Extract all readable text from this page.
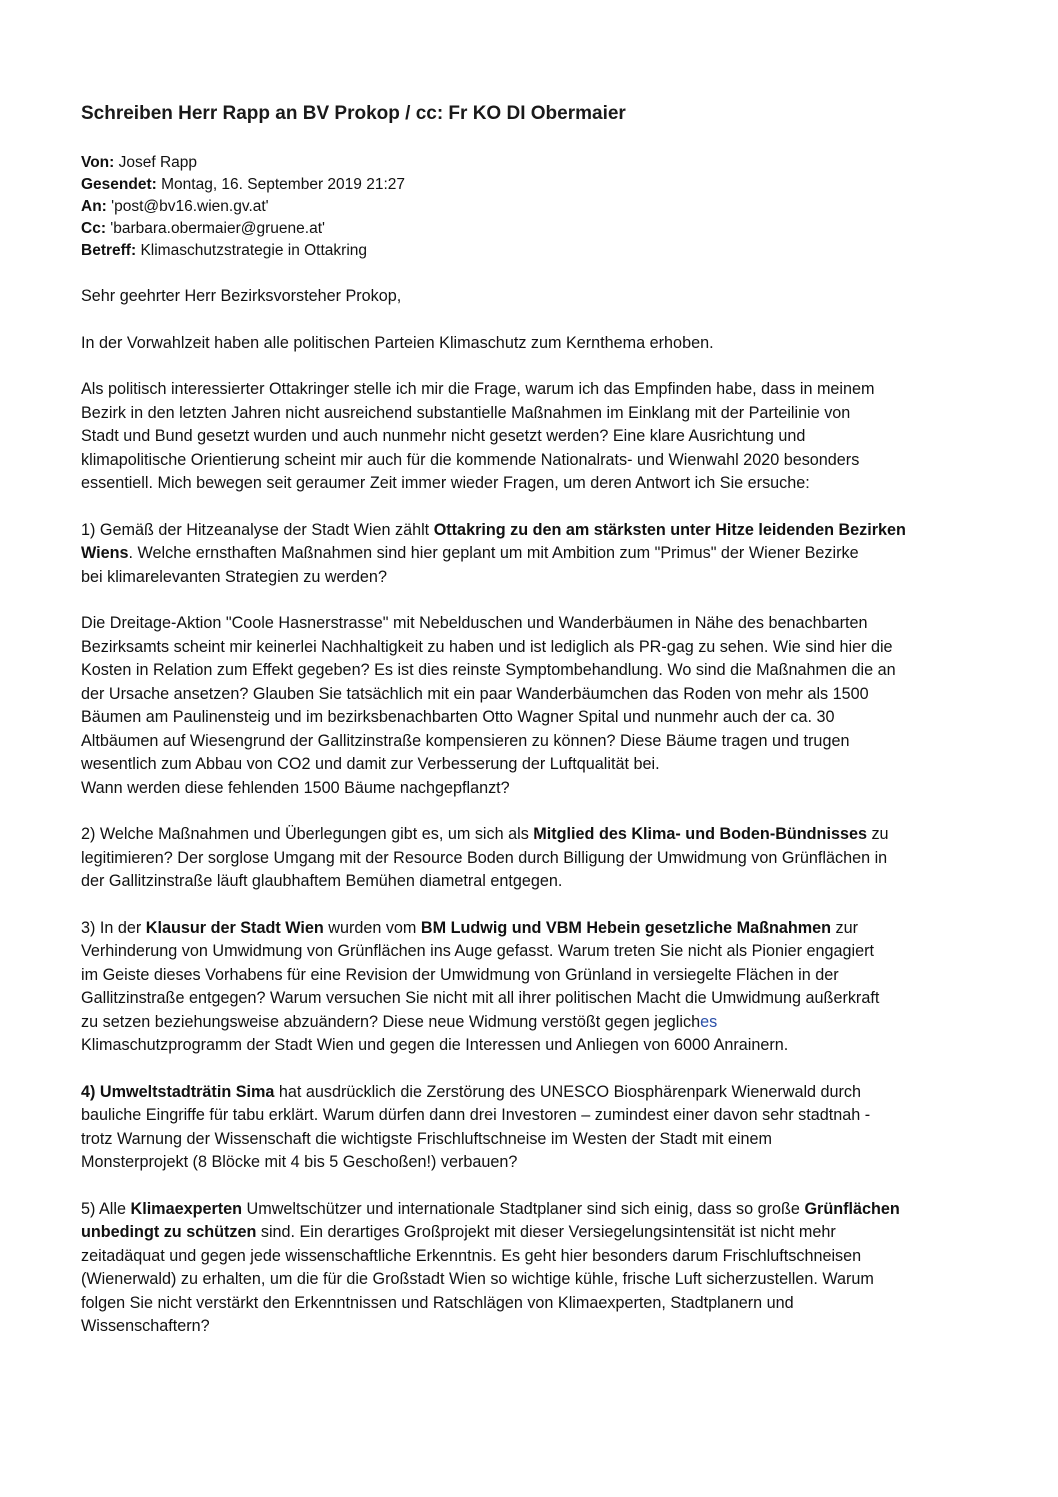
Schreiben Herr Rapp an BV Prokop / cc: Fr KO DI Obermaier
Von: Josef Rapp
Gesendet: Montag, 16. September 2019 21:27
An: 'post@bv16.wien.gv.at'
Cc: 'barbara.obermaier@gruene.at'
Betreff: Klimaschutzstrategie in Ottakring

Sehr geehrter Herr Bezirksvorsteher Prokop,

In der Vorwahlzeit haben alle politischen Parteien Klimaschutz zum Kernthema erhoben.

Als politisch interessierter Ottakringer stelle ich mir die Frage, warum ich das Empfinden habe, dass in meinem

Bezirk in den letzten Jahren nicht ausreichend substantielle Maßnahmen im Einklang mit der Parteilinie von

Stadt und Bund gesetzt wurden und auch nunmehr nicht gesetzt werden? Eine klare Ausrichtung und

klimapolitische Orientierung scheint mir auch für die kommende Nationalrats- und Wienwahl 2020 besonders

essentiell. Mich bewegen seit geraumer Zeit immer wieder Fragen, um deren Antwort ich Sie ersuche:

1) Gemäß der Hitzeanalyse der Stadt Wien zählt Ottakring zu den am stärksten unter Hitze leidenden Bezirken

Wiens. Welche ernsthaften Maßnahmen sind hier geplant um mit Ambition zum "Primus" der Wiener Bezirke

bei klimarelevanten Strategien zu werden?

Die Dreitage-Aktion "Coole Hasnerstrasse" mit Nebelduschen und Wanderbäumen in Nähe des benachbarten

Bezirksamts scheint mir keinerlei Nachhaltigkeit zu haben und ist lediglich als PR-gag zu sehen. Wie sind hier die

Kosten in Relation zum Effekt gegeben? Es ist dies reinste Symptombehandlung. Wo sind die Maßnahmen die an

der Ursache ansetzen? Glauben Sie tatsächlich mit ein paar Wanderbäumchen das Roden von mehr als 1500

Bäumen am Paulinensteig und im bezirksbenachbarten Otto Wagner Spital und nunmehr auch der ca. 30

Altbäumen auf Wiesengrund der Gallitzinstraße kompensieren zu können? Diese Bäume tragen und trugen

wesentlich zum Abbau von CO2 und damit zur Verbesserung der Luftqualität bei.

Wann werden diese fehlenden 1500 Bäume nachgepflanzt?

2) Welche Maßnahmen und Überlegungen gibt es, um sich als Mitglied des Klima- und Boden-Bündnisses zu

legitimieren? Der sorglose Umgang mit der Resource Boden durch Billigung der Umwidmung von Grünflächen in

der Gallitzinstraße läuft glaubhaftem Bemühen diametral entgegen.

3) In der Klausur der Stadt Wien wurden vom BM Ludwig und VBM Hebein gesetzliche Maßnahmen zur

Verhinderung von Umwidmung von Grünflächen ins Auge gefasst. Warum treten Sie nicht als Pionier engagiert

im Geiste dieses Vorhabens für eine Revision der Umwidmung von Grünland in versiegelte Flächen in der

Gallitzinstraße entgegen? Warum versuchen Sie nicht mit all ihrer politischen Macht die Umwidmung außerkraft

zu setzen beziehungsweise abzuändern? Diese neue Widmung verstößt gegen jegliches

Klimaschutzprogramm der Stadt Wien und gegen die Interessen und Anliegen von 6000 Anrainern.

4) Umweltstadträtin Sima hat ausdrücklich die Zerstörung des UNESCO Biosphärenpark Wienerwald durch

bauliche Eingriffe für tabu erklärt. Warum dürfen dann drei Investoren – zumindest einer davon sehr stadtnah -

trotz Warnung der Wissenschaft die wichtigste Frischluftschneise im Westen der Stadt mit einem

Monsterprojekt (8 Blöcke mit 4 bis 5 Geschoßen!) verbauen?

5) Alle Klimaexperten Umweltschützer und internationale Stadtplaner sind sich einig, dass so große Grünflächen

unbedingt zu schützen sind. Ein derartiges Großprojekt mit dieser Versiegelungsintensität ist nicht mehr

zeitadäquat und gegen jede wissenschaftliche Erkenntnis. Es geht hier besonders darum Frischluftschneisen

(Wienerwald) zu erhalten, um die für die Großstadt Wien so wichtige kühle, frische Luft sicherzustellen. Warum

folgen Sie nicht verstärkt den Erkenntnissen und Ratschlägen von Klimaexperten, Stadtplanern und

Wissenschaftern?
